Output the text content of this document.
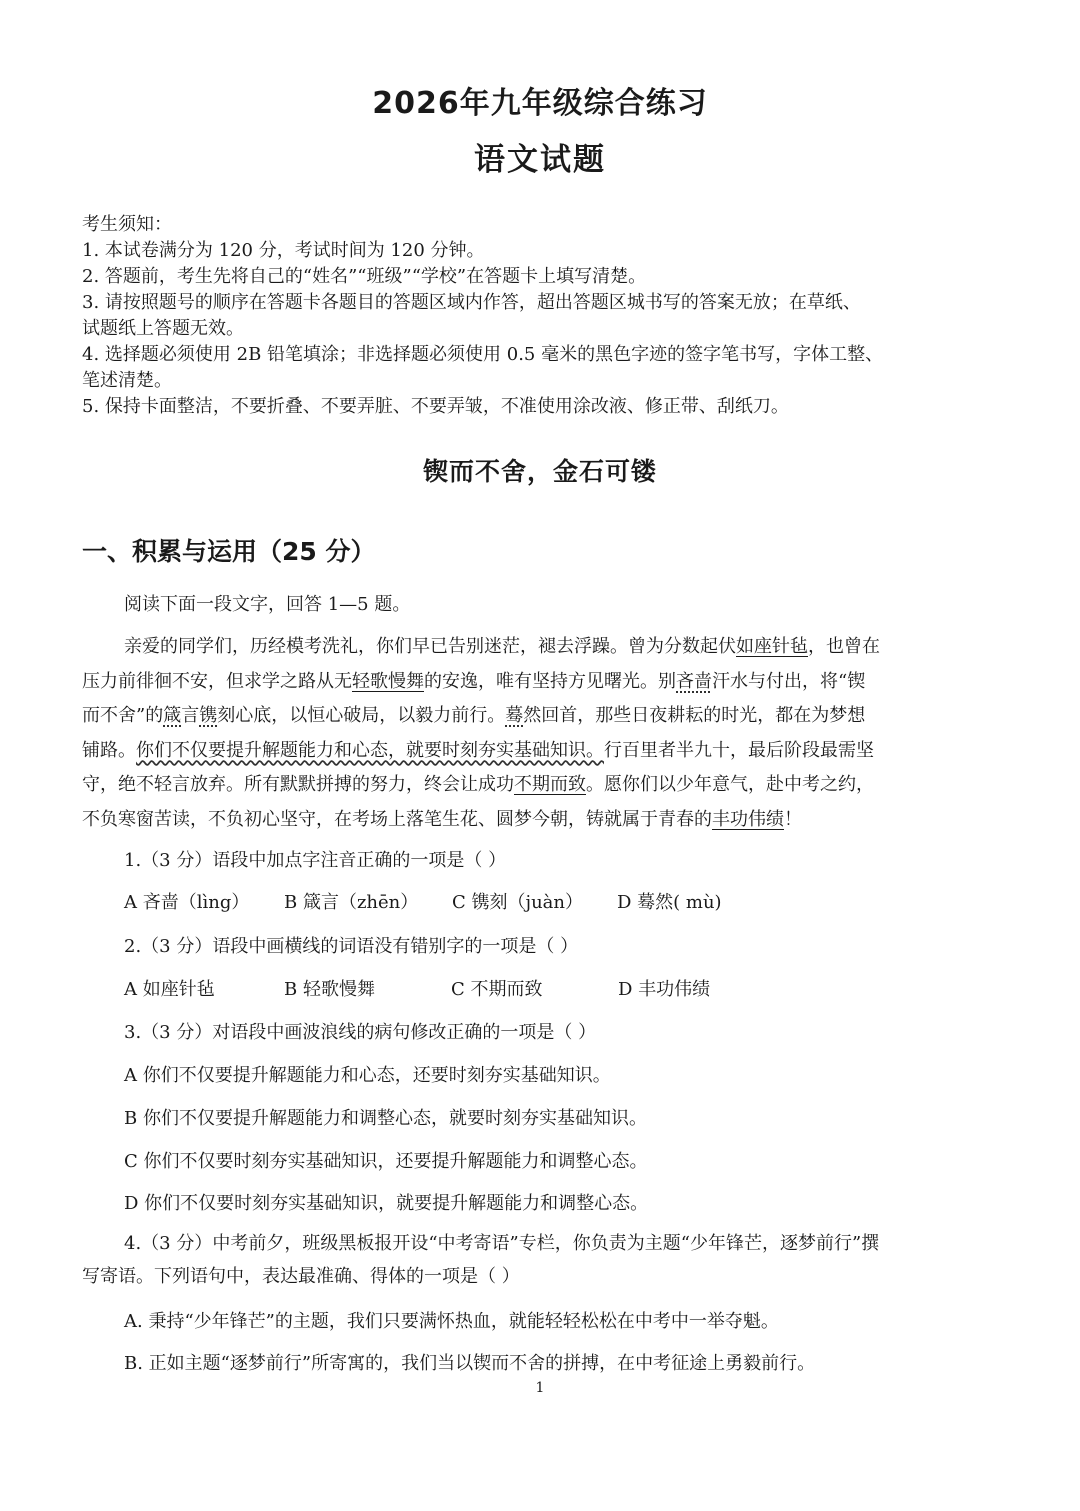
2026年九年级综合练习
语文试题
考生须知：
1. 本试卷满分为 120 分，考试时间为 120 分钟。
2. 答题前，考生先将自己的“姓名”“班级”“学校”在答题卡上填写清楚。
3. 请按照题号的顺序在答题卡各题目的答题区域内作答，超出答题区城书写的答案无放；在草纸、
试题纸上答题无效。
4. 选择题必须使用 2B 铅笔填涂；非选择题必须使用 0.5 毫米的黑色字迹的签字笔书写，字体工整、
笔述清楚。
5. 保持卡面整洁，不要折叠、不要弄脏、不要弄皱，不准使用涂改液、修正带、刮纸刀。
锲而不舍，金石可镂
一、积累与运用（25 分）
阅读下面一段文字，回答 1—5 题。
亲爱的同学们，历经模考洗礼，你们早已告别迷茫，褪去浮躁。曾为分数起伏如座针毡，也曾在
压力前徘徊不安，但求学之路从无轻歌慢舞的安逸，唯有坚持方见曙光。别吝啬汗水与付出，将“锲
而不舍”的箴言镌刻心底，以恒心破局，以毅力前行。蓦然回首，那些日夜耕耘的时光，都在为梦想
铺路。你们不仅要提升解题能力和心态，就要时刻夯实基础知识。行百里者半九十，最后阶段最需坚
守，绝不轻言放弃。所有默默拼搏的努力，终会让成功不期而致。愿你们以少年意气，赴中考之约，
不负寒窗苦读，不负初心坚守，在考场上落笔生花、圆梦今朝，铸就属于青春的丰功伟绩！
1.（3 分）语段中加点字注音正确的一项是（ ）
A 吝啬（lìng） B 箴言（zhēn） C 镌刻（juàn） D 蓦然( mù)
2.（3 分）语段中画横线的词语没有错别字的一项是（ ）
A 如座针毡	B 轻歌慢舞	C 不期而致	D 丰功伟绩
3.（3 分）对语段中画波浪线的病句修改正确的一项是（ ）
A 你们不仅要提升解题能力和心态，还要时刻夯实基础知识。
B 你们不仅要提升解题能力和调整心态，就要时刻夯实基础知识。
C 你们不仅要时刻夯实基础知识，还要提升解题能力和调整心态。
D 你们不仅要时刻夯实基础知识，就要提升解题能力和调整心态。
4.（3 分）中考前夕，班级黑板报开设“中考寄语”专栏，你负责为主题“少年锋芒，逐梦前行”撰
写寄语。下列语句中，表达最准确、得体的一项是（ ）
A. 秉持“少年锋芒”的主题，我们只要满怀热血，就能轻轻松松在中考中一举夺魁。
B. 正如主题“逐梦前行”所寄寓的，我们当以锲而不舍的拼搏，在中考征途上勇毅前行。
1
